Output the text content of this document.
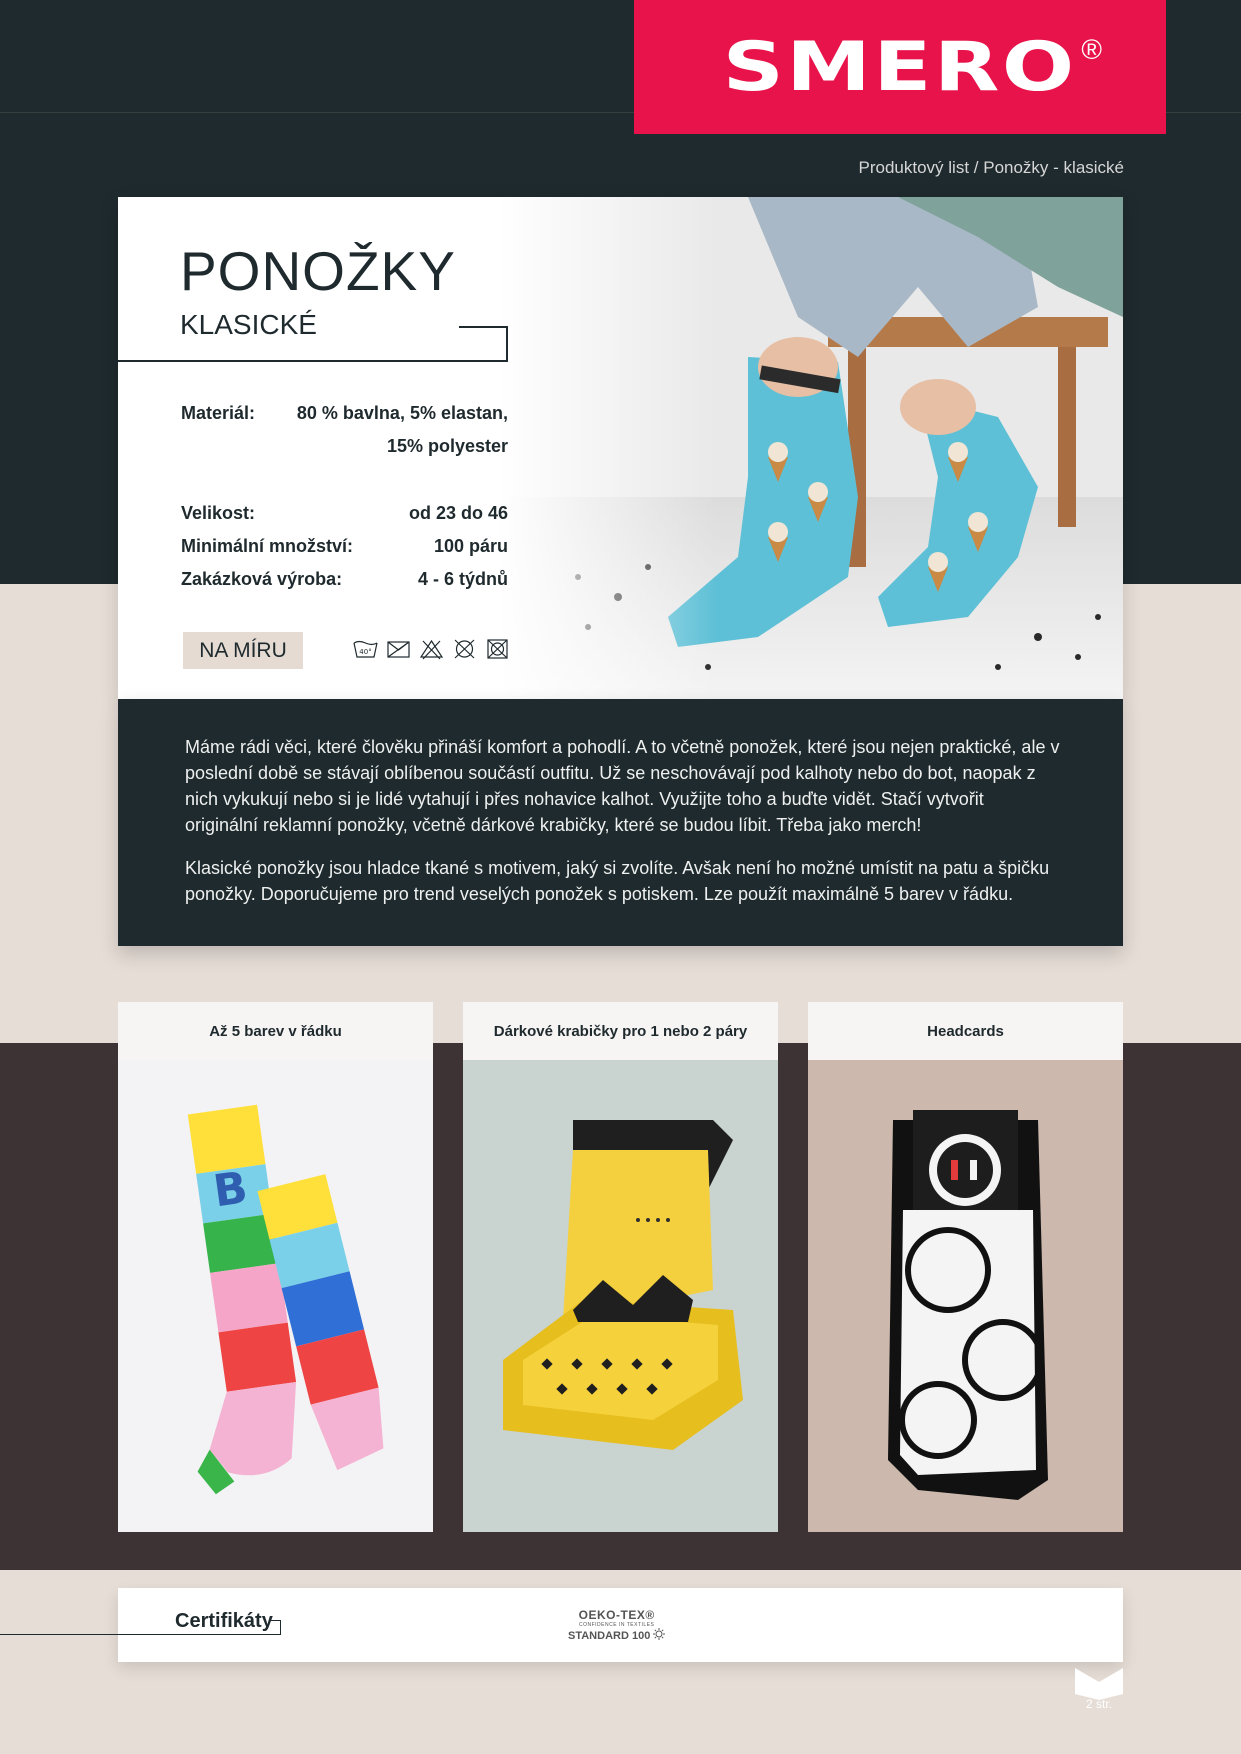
SMERO ®
Produktový list / Ponožky - klasické
PONOŽKY
KLASICKÉ
Materiál: 80 % bavlna, 5% elastan,
15% polyester
Velikost:	od 23 do 46
Minimální množství:	100 páru
Zakázková výroba:	4 - 6 týdnů
NA MÍRU	40°

Máme rádi věci, které člověku přináší komfort a pohodlí. A to včetně ponožek, které jsou nejen praktické, ale v poslední době se stávají oblíbenou součástí outfitu. Už se neschovávají pod kalhoty nebo do bot, naopak z nich vykukují nebo si je lidé vytahují i přes nohavice kalhot. Využijte toho a buďte vidět. Stačí vytvořit originální reklamní ponožky, včetně dárkové krabičky, které se budou líbit. Třeba jako merch!

Klasické ponožky jsou hladce tkané s motivem, jaký si zvolíte. Avšak není ho možné umístit na patu a špičku ponožky. Doporučujeme pro trend veselých ponožek s potiskem. Lze použít maximálně 5 barev v řádku.

Až 5 barev v řádku
B
Dárkové krabičky pro 1 nebo 2 páry	Headcards
Certifikáty	OEKO-TEX®
CONFIDENCE IN TEXTILES
STANDARD 100
2 str.
